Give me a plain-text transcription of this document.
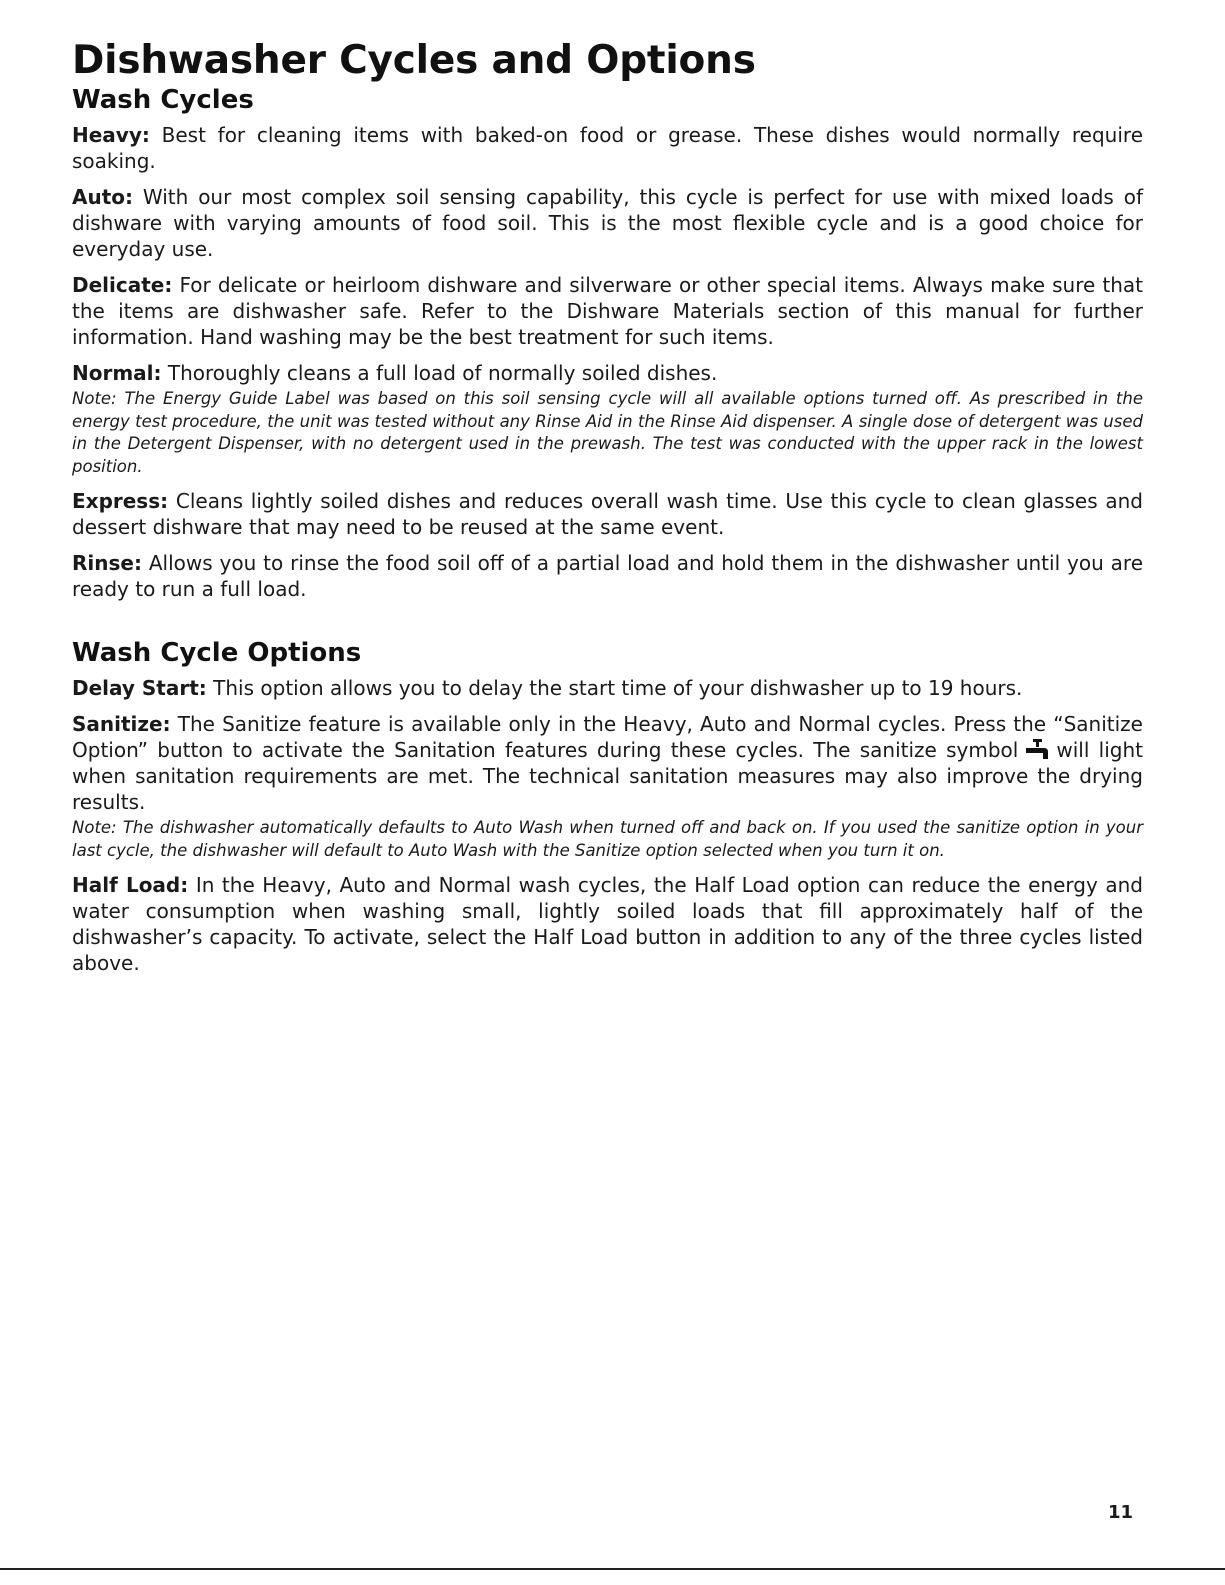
Dishwasher Cycles and Options
Wash Cycles

Heavy: Best for cleaning items with baked-on food or grease. These dishes would normally require soaking.

Auto: With our most complex soil sensing capability, this cycle is perfect for use with mixed loads of dishware with varying amounts of food soil. This is the most flexible cycle and is a good choice for everyday use.

Delicate: For delicate or heirloom dishware and silverware or other special items. Always make sure that the items are dishwasher safe. Refer to the Dishware Materials section of this manual for further information. Hand washing may be the best treatment for such items.

Normal: Thoroughly cleans a full load of normally soiled dishes.

Note: The Energy Guide Label was based on this soil sensing cycle will all available options turned off. As prescribed in the energy test procedure, the unit was tested without any Rinse Aid in the Rinse Aid dispenser. A single dose of detergent was used in the Detergent Dispenser, with no detergent used in the prewash. The test was conducted with the upper rack in the lowest position.

Express: Cleans lightly soiled dishes and reduces overall wash time. Use this cycle to clean glasses and dessert dishware that may need to be reused at the same event.

Rinse: Allows you to rinse the food soil off of a partial load and hold them in the dishwasher until you are ready to run a full load.

Wash Cycle Options

Delay Start: This option allows you to delay the start time of your dishwasher up to 19 hours.

Sanitize: The Sanitize feature is available only in the Heavy, Auto and Normal cycles. Press the “Sanitize Option” button to activate the Sanitation features during these cycles. The sanitize symbol will light when sanitation requirements are met. The technical sanitation measures may also improve the drying results.

Note: The dishwasher automatically defaults to Auto Wash when turned off and back on. If you used the sanitize option in your last cycle, the dishwasher will default to Auto Wash with the Sanitize option selected when you turn it on.

Half Load: In the Heavy, Auto and Normal wash cycles, the Half Load option can reduce the energy and water consumption when washing small, lightly soiled loads that fill approximately half of the dishwasher’s capacity. To activate, select the Half Load button in addition to any of the three cycles listed above.

11
